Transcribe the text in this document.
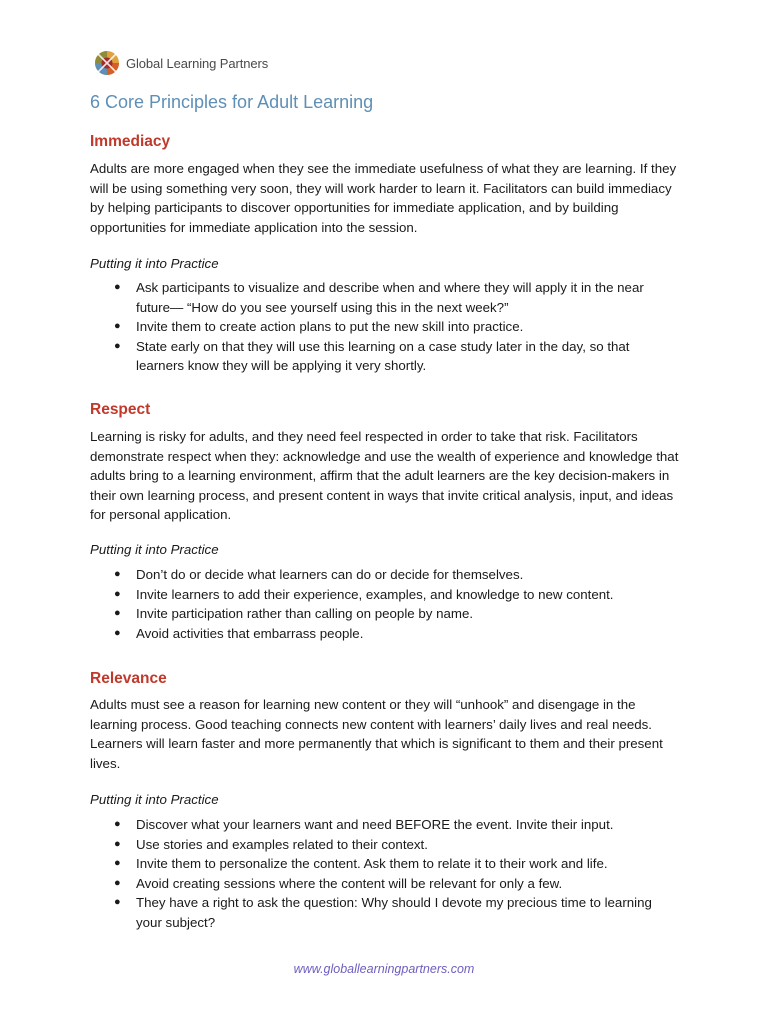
Global Learning Partners
6 Core Principles for Adult Learning
Immediacy

Adults are more engaged when they see the immediate usefulness of what they are learning. If they will be using something very soon, they will work harder to learn it. Facilitators can build immediacy by helping participants to discover opportunities for immediate application, and by building opportunities for immediate application into the session.

Putting it into Practice
● Ask participants to visualize and describe when and where they will apply it in the near future— “How do you see yourself using this in the next week?”
● Invite them to create action plans to put the new skill into practice.
● State early on that they will use this learning on a case study later in the day, so that learners know they will be applying it very shortly.
Respect

Learning is risky for adults, and they need feel respected in order to take that risk. Facilitators demonstrate respect when they: acknowledge and use the wealth of experience and knowledge that adults bring to a learning environment, affirm that the adult learners are the key decision-makers in their own learning process, and present content in ways that invite critical analysis, input, and ideas for personal application.

Putting it into Practice
● Don’t do or decide what learners can do or decide for themselves.
● Invite learners to add their experience, examples, and knowledge to new content.
● Invite participation rather than calling on people by name.
● Avoid activities that embarrass people.
Relevance

Adults must see a reason for learning new content or they will “unhook” and disengage in the learning process. Good teaching connects new content with learners’ daily lives and real needs. Learners will learn faster and more permanently that which is significant to them and their present lives.

Putting it into Practice
● Discover what your learners want and need BEFORE the event. Invite their input.
● Use stories and examples related to their context.
● Invite them to personalize the content. Ask them to relate it to their work and life.
● Avoid creating sessions where the content will be relevant for only a few.
● They have a right to ask the question: Why should I devote my precious time to learning your subject?
www.globallearningpartners.com
